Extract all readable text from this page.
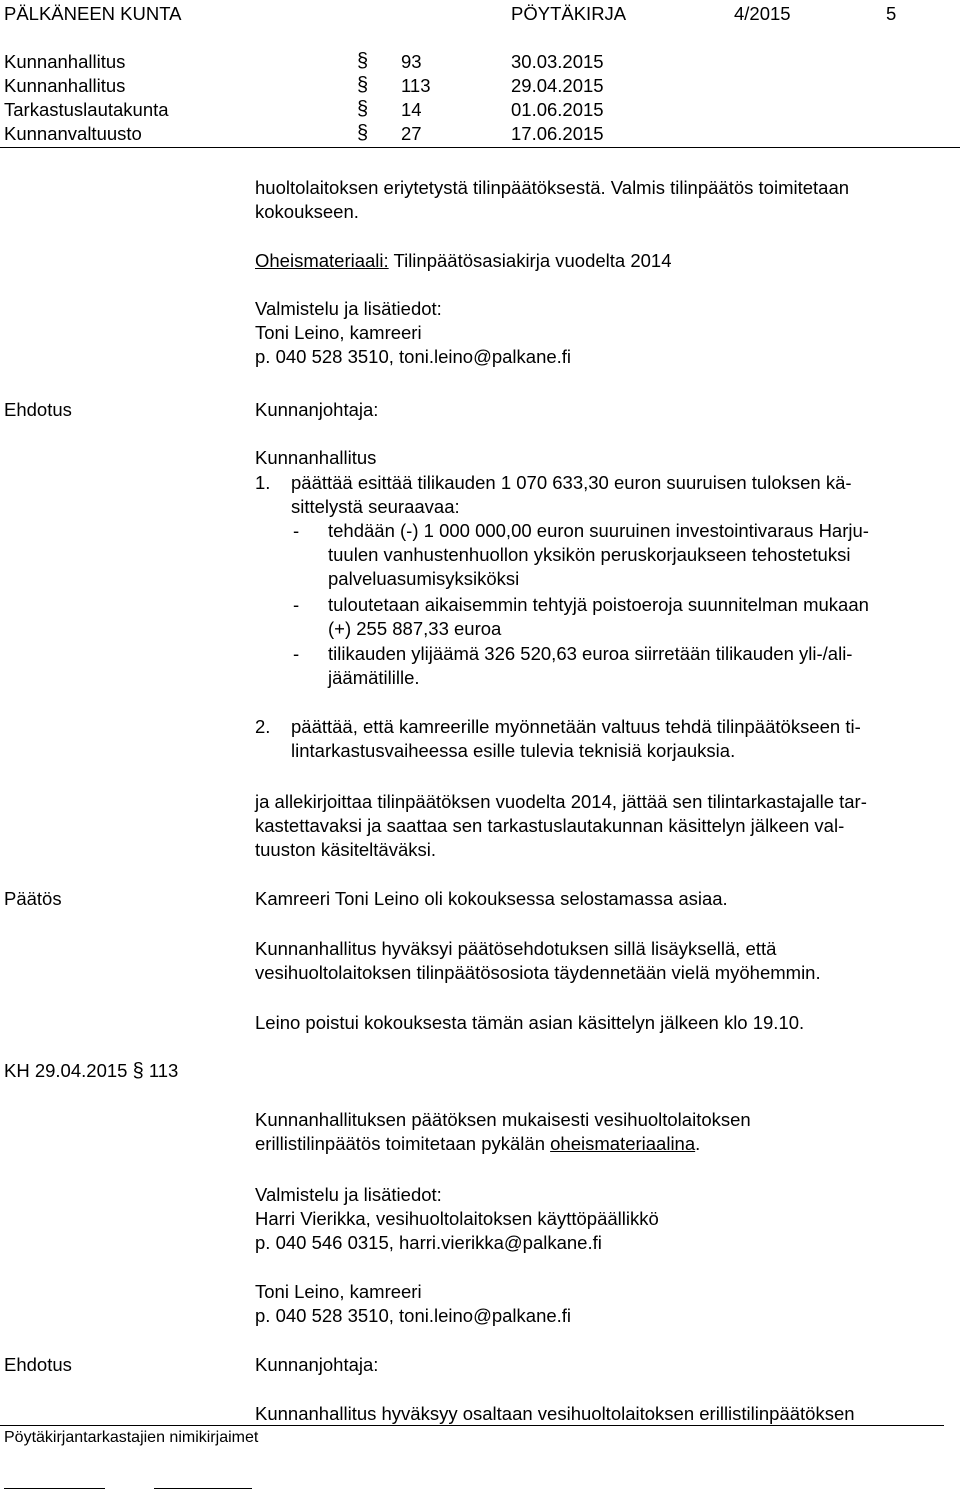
PÄLKÄNEEN KUNTA	PÖYTÄKIRJA	4/2015	5
Kunnanhallitus	§ 93	30.03.2015
Kunnanhallitus	§ 113	29.04.2015
Tarkastuslautakunta	§ 14	01.06.2015
Kunnanvaltuusto	§ 27	17.06.2015
huoltolaitoksen eriytetystä tilinpäätöksestä. Valmis tilinpäätös toimitetaan
kokoukseen.
Oheismateriaali: Tilinpäätösasiakirja vuodelta 2014
Valmistelu ja lisätiedot:
Toni Leino, kamreeri
p. 040 528 3510, toni.leino@palkane.fi
Ehdotus	Kunnanjohtaja:
Kunnanhallitus
1. päättää esittää tilikauden 1 070 633,30 euron suuruisen tuloksen kä-
sittelystä seuraavaa:
- tehdään (-) 1 000 000,00 euron suuruinen investointivaraus Harju-
tuulen vanhustenhuollon yksikön peruskorjaukseen tehostetuksi
palveluasumisyksiköksi
- tuloutetaan aikaisemmin tehtyjä poistoeroja suunnitelman mukaan
(+) 255 887,33 euroa
- tilikauden ylijäämä 326 520,63 euroa siirretään tilikauden yli-/ali-
jäämätilille.
2. päättää, että kamreerille myönnetään valtuus tehdä tilinpäätökseen ti-
lintarkastusvaiheessa esille tulevia teknisiä korjauksia.
ja allekirjoittaa tilinpäätöksen vuodelta 2014, jättää sen tilintarkastajalle tar-
kastettavaksi ja saattaa sen tarkastuslautakunnan käsittelyn jälkeen val-
tuuston käsiteltäväksi.
Päätös	Kamreeri Toni Leino oli kokouksessa selostamassa asiaa.
Kunnanhallitus hyväksyi päätösehdotuksen sillä lisäyksellä, että
vesihuoltolaitoksen tilinpäätösosiota täydennetään vielä myöhemmin.
Leino poistui kokouksesta tämän asian käsittelyn jälkeen klo 19.10.
KH 29.04.2015 § 113
Kunnanhallituksen päätöksen mukaisesti vesihuoltolaitoksen
erillistilinpäätös toimitetaan pykälän oheismateriaalina.
Valmistelu ja lisätiedot:
Harri Vierikka, vesihuoltolaitoksen käyttöpäällikkö
p. 040 546 0315, harri.vierikka@palkane.fi
Toni Leino, kamreeri
p. 040 528 3510, toni.leino@palkane.fi
Ehdotus	Kunnanjohtaja:
Kunnanhallitus hyväksyy osaltaan vesihuoltolaitoksen erillistilinpäätöksen
Pöytäkirjantarkastajien nimikirjaimet
